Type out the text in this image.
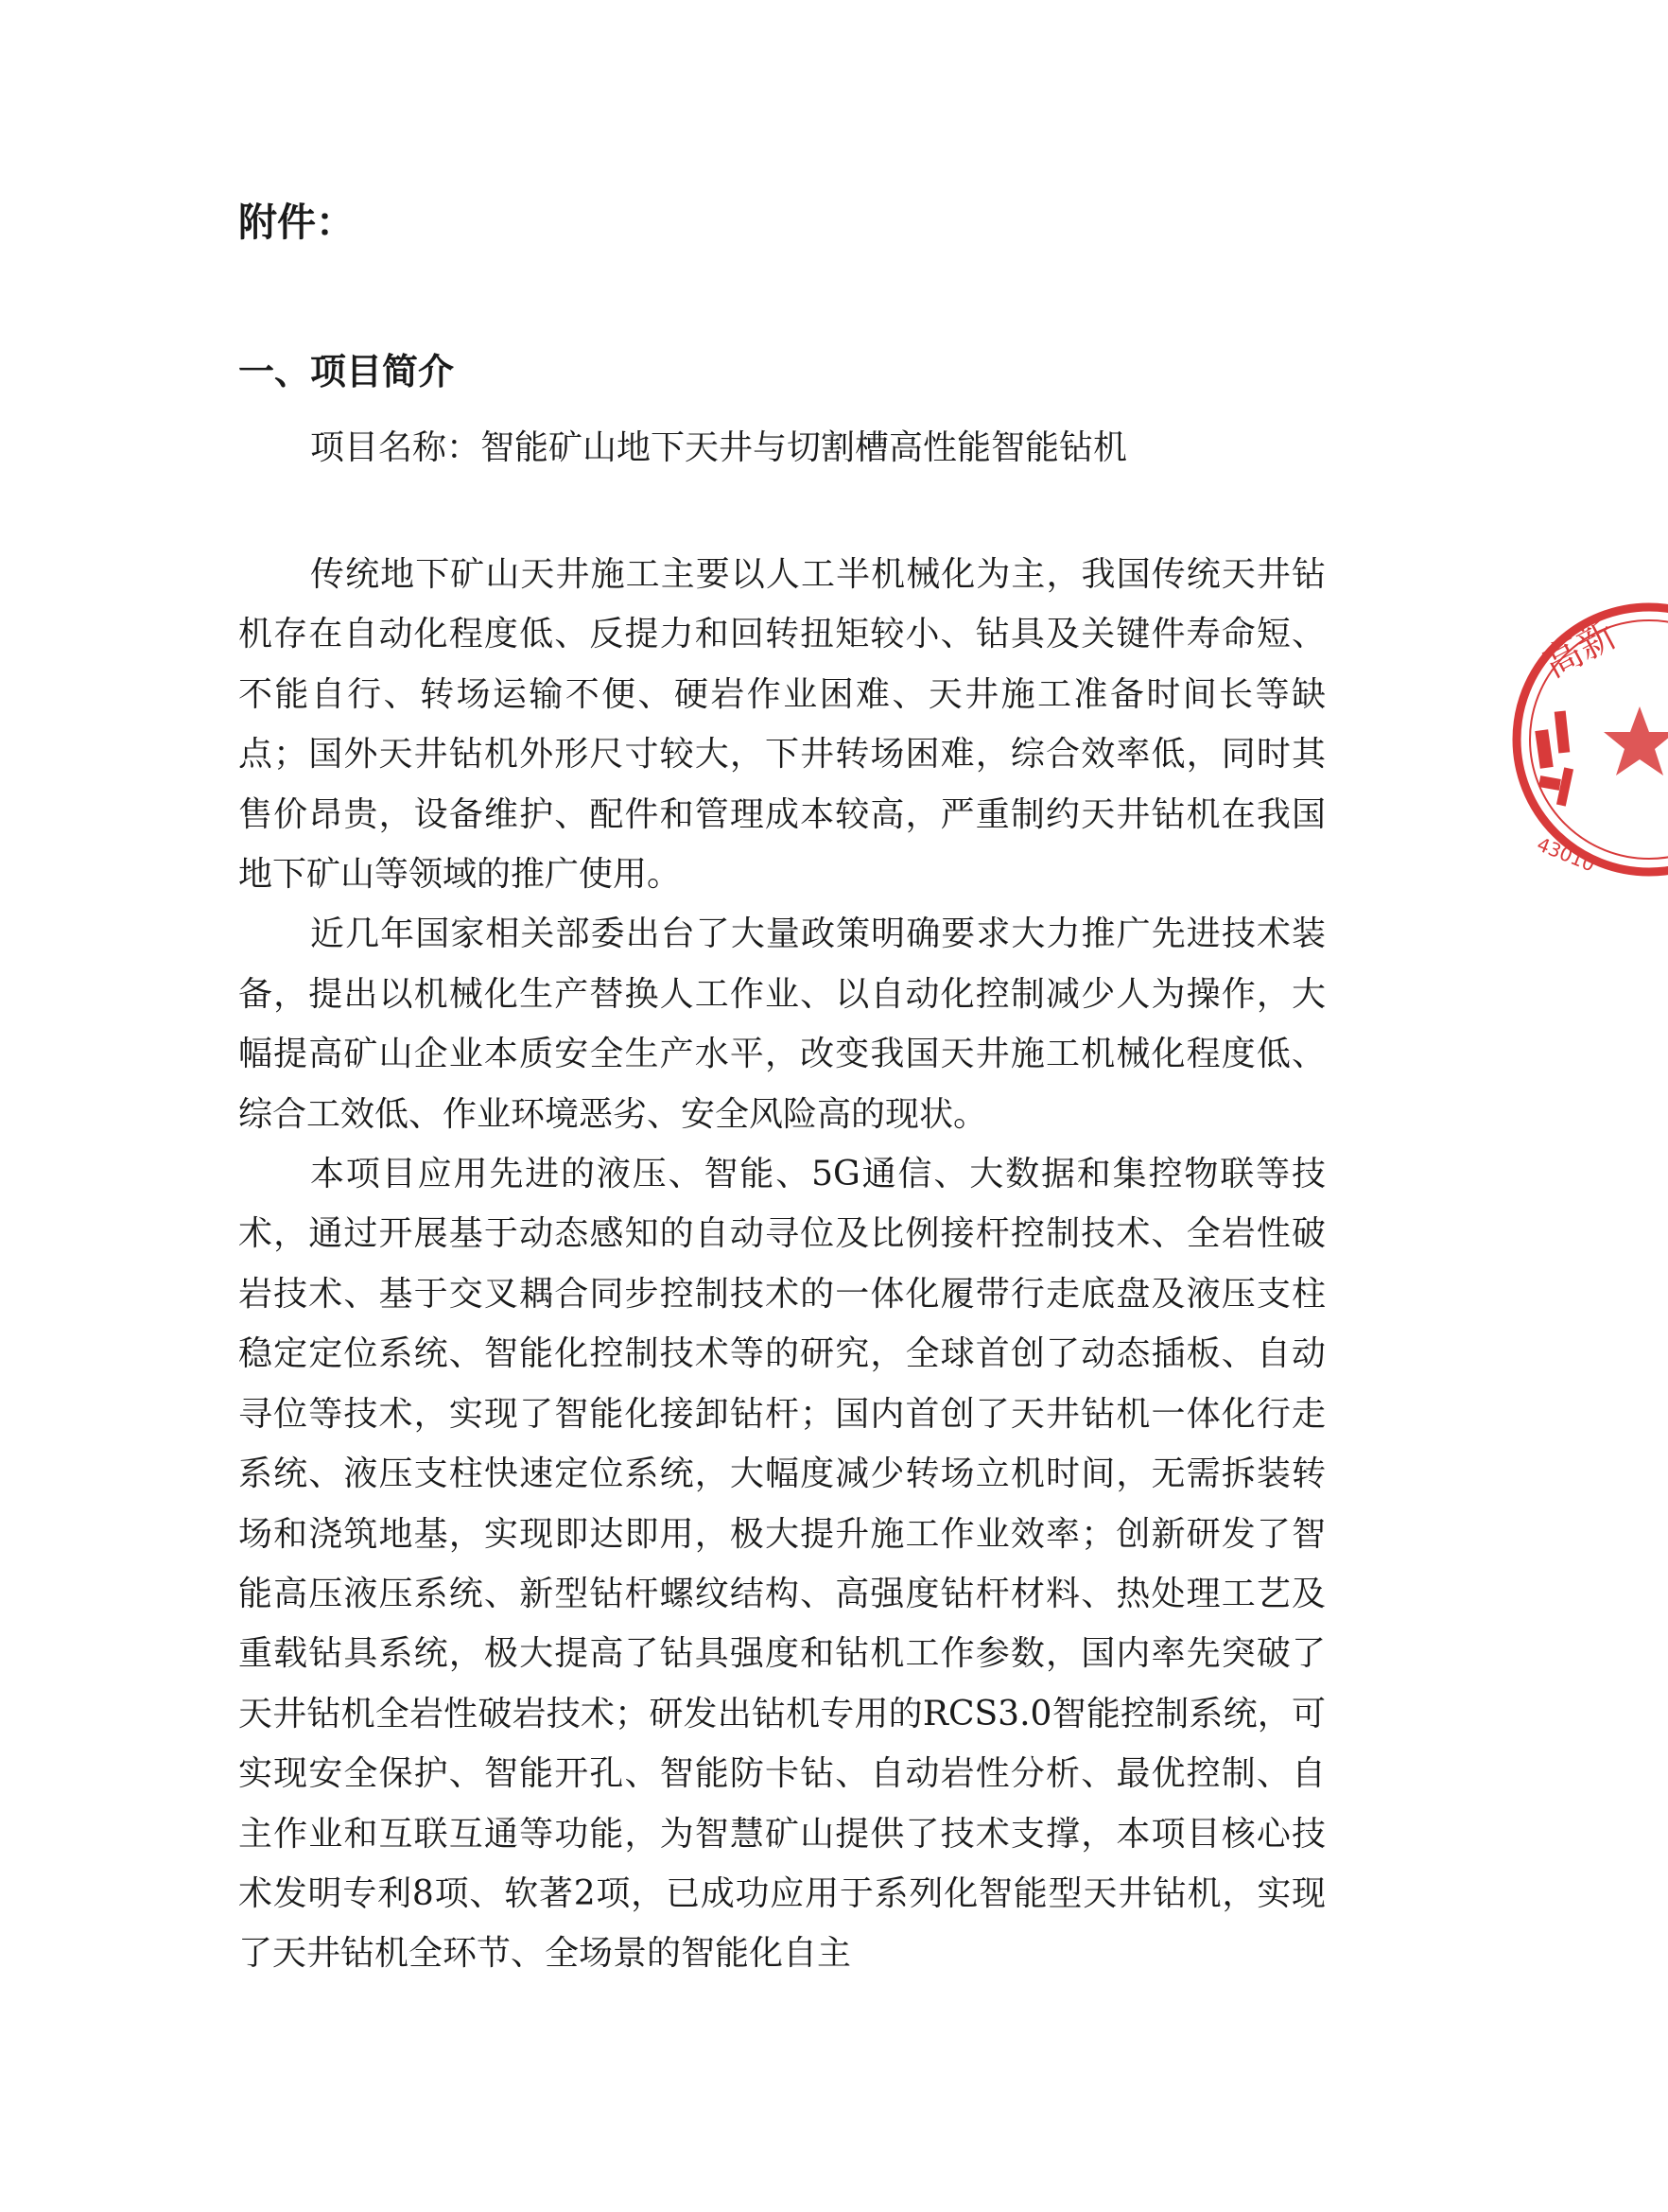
附件：
一、项目简介
项目名称：智能矿山地下天井与切割槽高性能智能钻机

传统地下矿山天井施工主要以人工半机械化为主，我国传统天井钻机存在自动化程度低、反提力和回转扭矩较小、钻具及关键件寿命短、不能自行、转场运输不便、硬岩作业困难、天井施工准备时间长等缺点；国外天井钻机外形尺寸较大，下井转场困难，综合效率低，同时其售价昂贵，设备维护、配件和管理成本较高，严重制约天井钻机在我国地下矿山等领域的推广使用。

近几年国家相关部委出台了大量政策明确要求大力推广先进技术装备，提出以机械化生产替换人工作业、以自动化控制减少人为操作，大幅提高矿山企业本质安全生产水平，改变我国天井施工机械化程度低、综合工效低、作业环境恶劣、安全风险高的现状。

本项目应用先进的液压、智能、5G通信、大数据和集控物联等技术，通过开展基于动态感知的自动寻位及比例接杆控制技术、全岩性破岩技术、基于交叉耦合同步控制技术的一体化履带行走底盘及液压支柱稳定定位系统、智能化控制技术等的研究，全球首创了动态插板、自动寻位等技术，实现了智能化接卸钻杆；国内首创了天井钻机一体化行走系统、液压支柱快速定位系统，大幅度减少转场立机时间，无需拆装转场和浇筑地基，实现即达即用，极大提升施工作业效率；创新研发了智能高压液压系统、新型钻杆螺纹结构、高强度钻杆材料、热处理工艺及重载钻具系统，极大提高了钻具强度和钻机工作参数，国内率先突破了天井钻机全岩性破岩技术；研发出钻机专用的RCS3.0智能控制系统，可实现安全保护、智能开孔、智能防卡钻、自动岩性分析、最优控制、自主作业和互联互通等功能，为智慧矿山提供了技术支撑，本项目核心技术发明专利8项、软著2项，已成功应用于系列化智能型天井钻机，实现了天井钻机全环节、全场景的智能化自主

高新
43010
